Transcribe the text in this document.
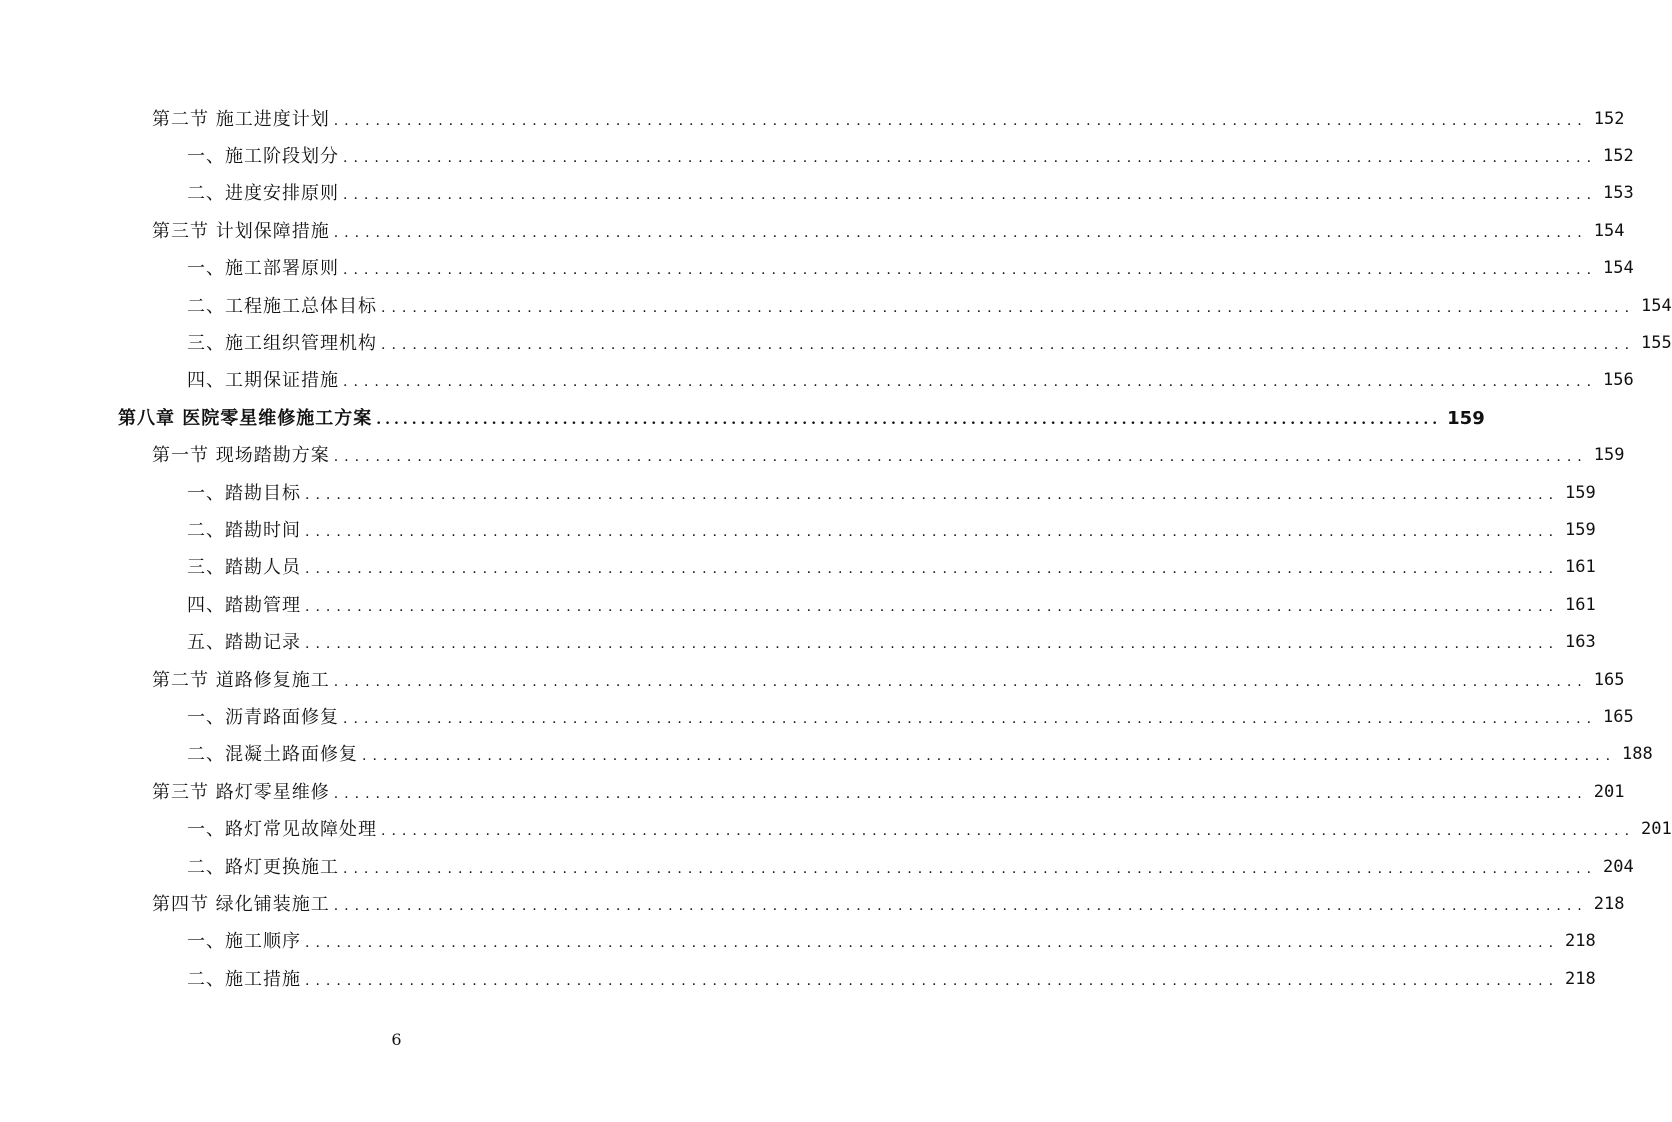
第二节 施工进度计划 ........................................................................................................................ 152
一、施工阶段划分 ........................................................................................................................ 152
二、进度安排原则 ........................................................................................................................ 153
第三节 计划保障措施 ........................................................................................................................ 154
一、施工部署原则 ........................................................................................................................ 154
二、工程施工总体目标 ........................................................................................................................ 154
三、施工组织管理机构 ........................................................................................................................ 155
四、工期保证措施 ........................................................................................................................ 156
第八章 医院零星维修施工方案 ........................................................................................................................ 159
第一节 现场踏勘方案 ........................................................................................................................ 159
一、踏勘目标 ........................................................................................................................ 159
二、踏勘时间 ........................................................................................................................ 159
三、踏勘人员 ........................................................................................................................ 161
四、踏勘管理 ........................................................................................................................ 161
五、踏勘记录 ........................................................................................................................ 163
第二节 道路修复施工 ........................................................................................................................ 165
一、沥青路面修复 ........................................................................................................................ 165
二、混凝土路面修复 ........................................................................................................................ 188
第三节 路灯零星维修 ........................................................................................................................ 201
一、路灯常见故障处理 ........................................................................................................................ 201
二、路灯更换施工 ........................................................................................................................ 204
第四节 绿化铺装施工 ........................................................................................................................ 218
一、施工顺序 ........................................................................................................................ 218
二、施工措施 ........................................................................................................................ 218
6
